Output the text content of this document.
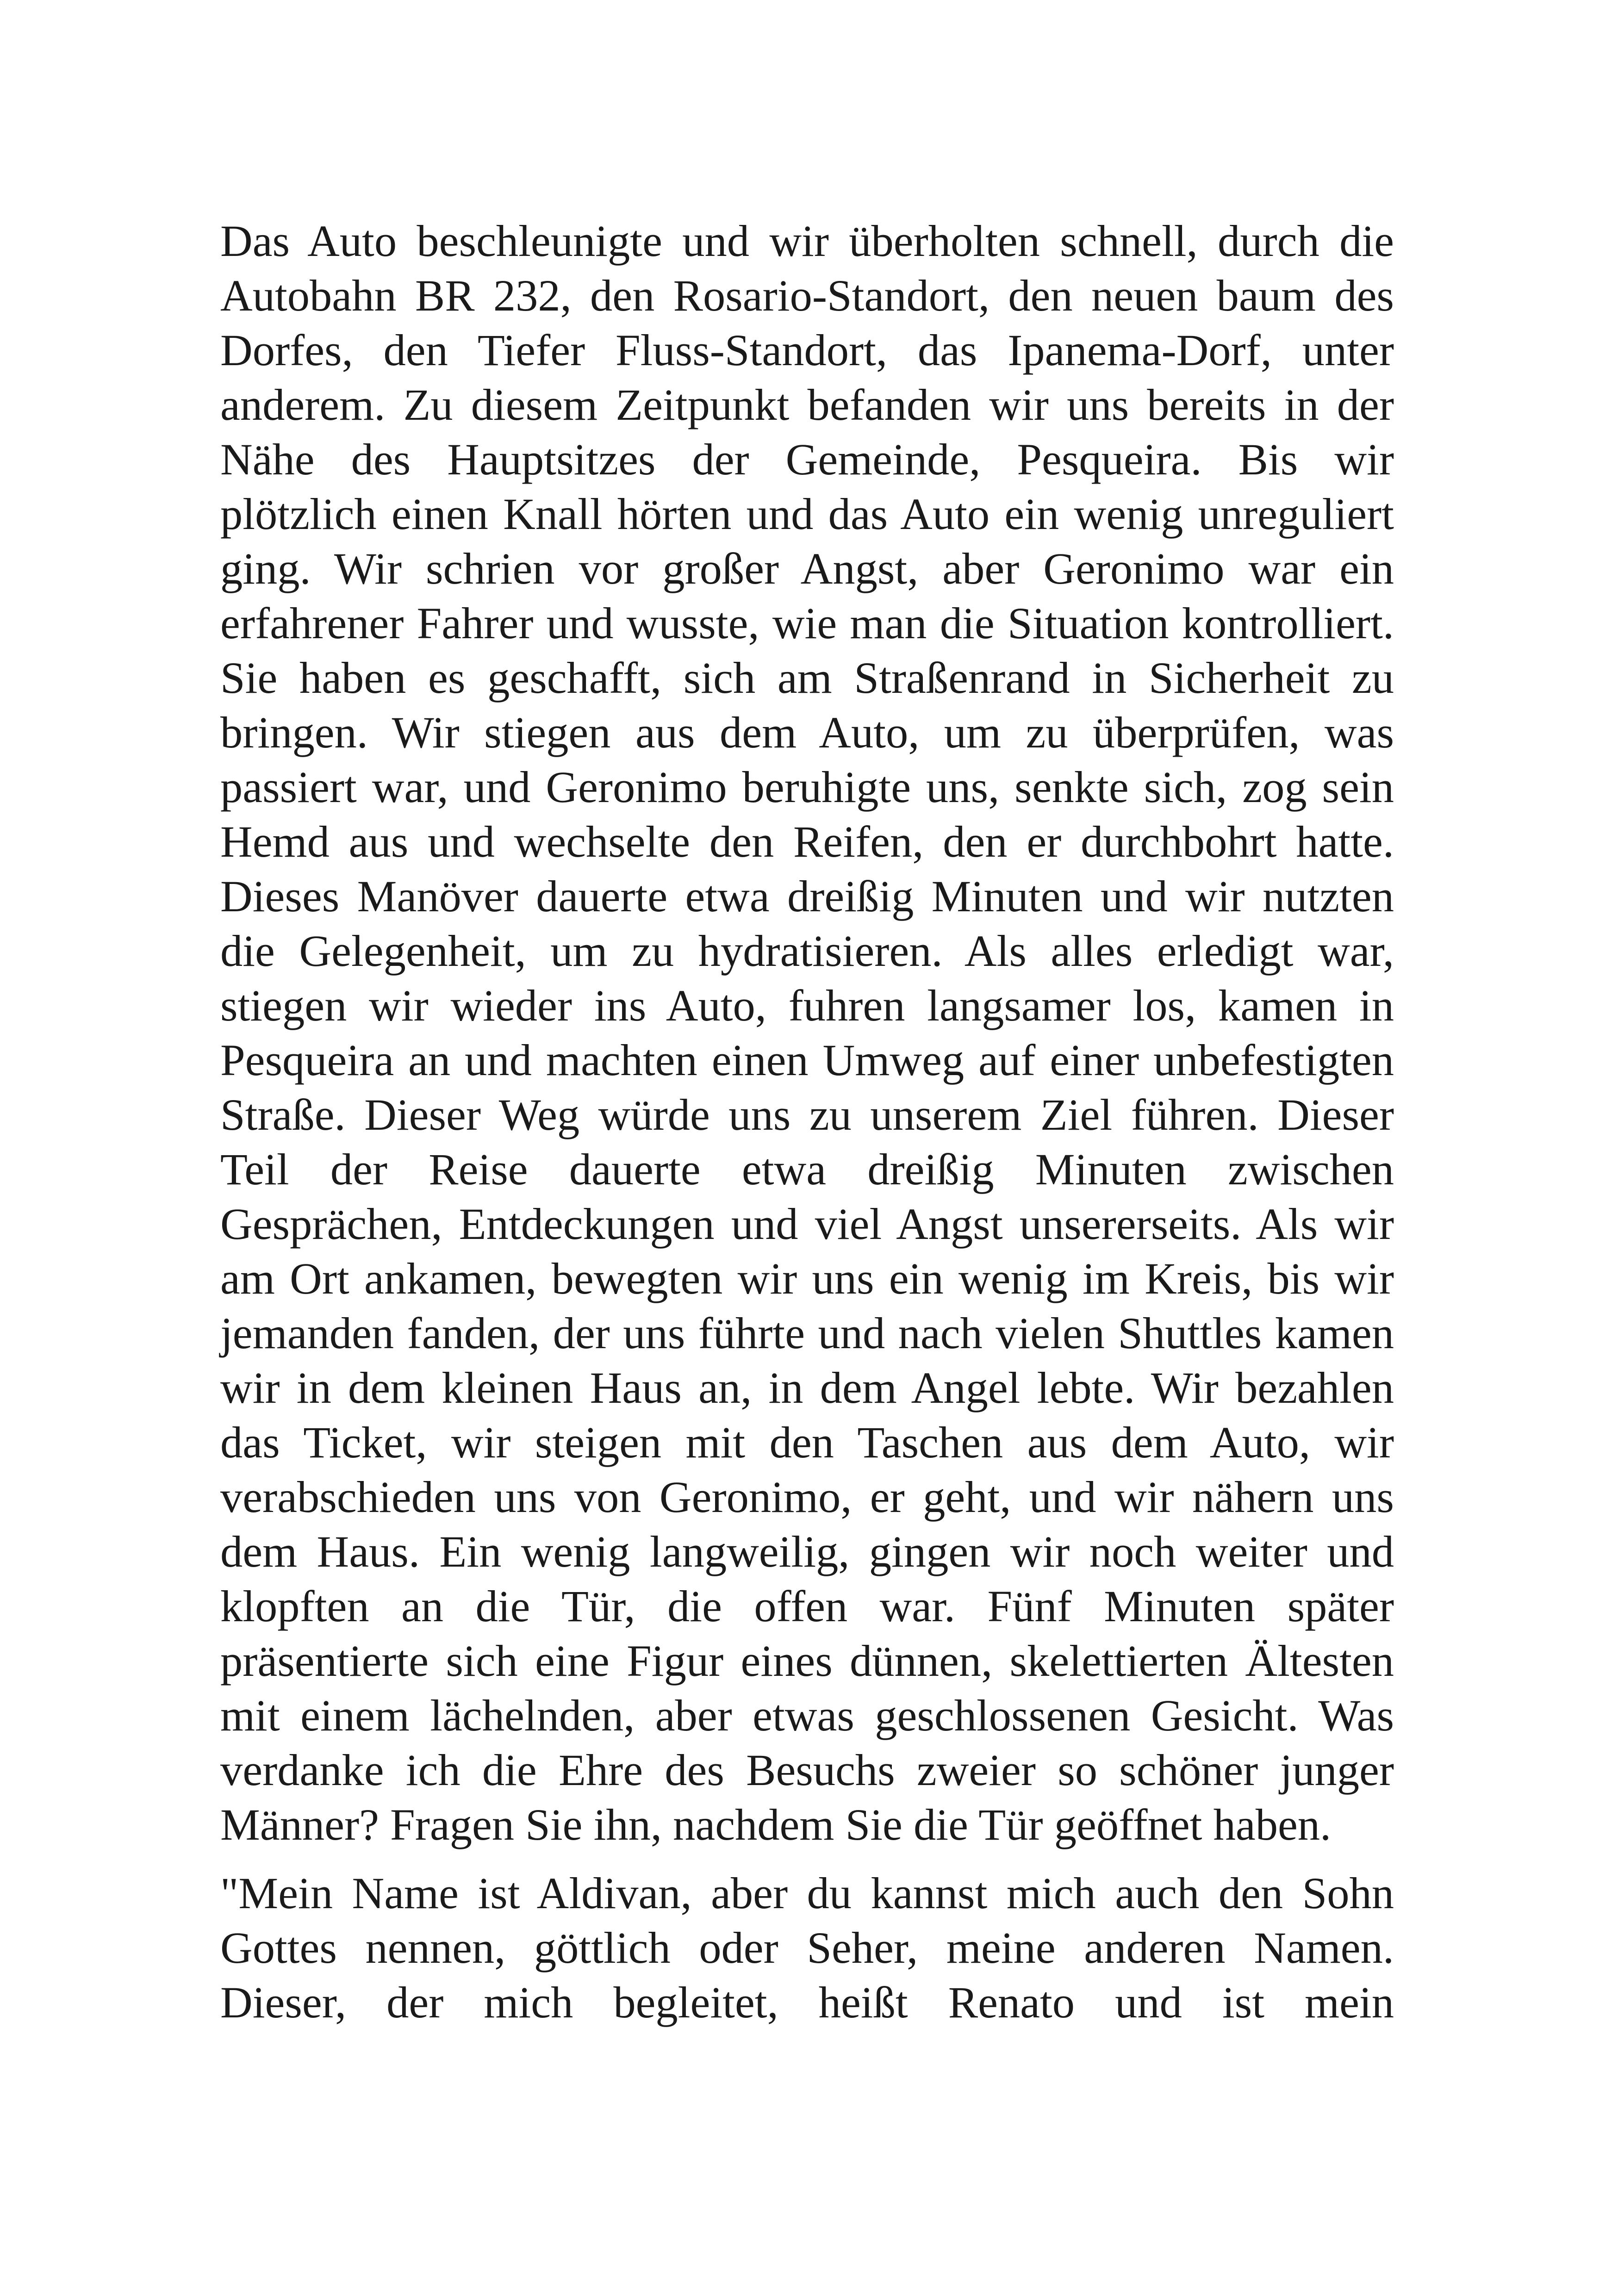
Das Auto beschleunigte und wir überholten schnell, durch die
Autobahn BR 232, den Rosario-Standort, den neuen baum des
Dorfes, den Tiefer Fluss-Standort, das Ipanema-Dorf, unter
anderem. Zu diesem Zeitpunkt befanden wir uns bereits in der
Nähe des Hauptsitzes der Gemeinde, Pesqueira. Bis wir
plötzlich einen Knall hörten und das Auto ein wenig unreguliert
ging. Wir schrien vor großer Angst, aber Geronimo war ein
erfahrener Fahrer und wusste, wie man die Situation kontrolliert.
Sie haben es geschafft, sich am Straßenrand in Sicherheit zu
bringen. Wir stiegen aus dem Auto, um zu überprüfen, was
passiert war, und Geronimo beruhigte uns, senkte sich, zog sein
Hemd aus und wechselte den Reifen, den er durchbohrt hatte.
Dieses Manöver dauerte etwa dreißig Minuten und wir nutzten
die Gelegenheit, um zu hydratisieren. Als alles erledigt war,
stiegen wir wieder ins Auto, fuhren langsamer los, kamen in
Pesqueira an und machten einen Umweg auf einer unbefestigten
Straße. Dieser Weg würde uns zu unserem Ziel führen. Dieser
Teil der Reise dauerte etwa dreißig Minuten zwischen
Gesprächen, Entdeckungen und viel Angst unsererseits. Als wir
am Ort ankamen, bewegten wir uns ein wenig im Kreis, bis wir
jemanden fanden, der uns führte und nach vielen Shuttles kamen
wir in dem kleinen Haus an, in dem Angel lebte. Wir bezahlen
das Ticket, wir steigen mit den Taschen aus dem Auto, wir
verabschieden uns von Geronimo, er geht, und wir nähern uns
dem Haus. Ein wenig langweilig, gingen wir noch weiter und
klopften an die Tür, die offen war. Fünf Minuten später
präsentierte sich eine Figur eines dünnen, skelettierten Ältesten
mit einem lächelnden, aber etwas geschlossenen Gesicht. Was
verdanke ich die Ehre des Besuchs zweier so schöner junger
Männer? Fragen Sie ihn, nachdem Sie die Tür geöffnet haben.
"Mein Name ist Aldivan, aber du kannst mich auch den Sohn
Gottes nennen, göttlich oder Seher, meine anderen Namen.
Dieser, der mich begleitet, heißt Renato und ist mein
